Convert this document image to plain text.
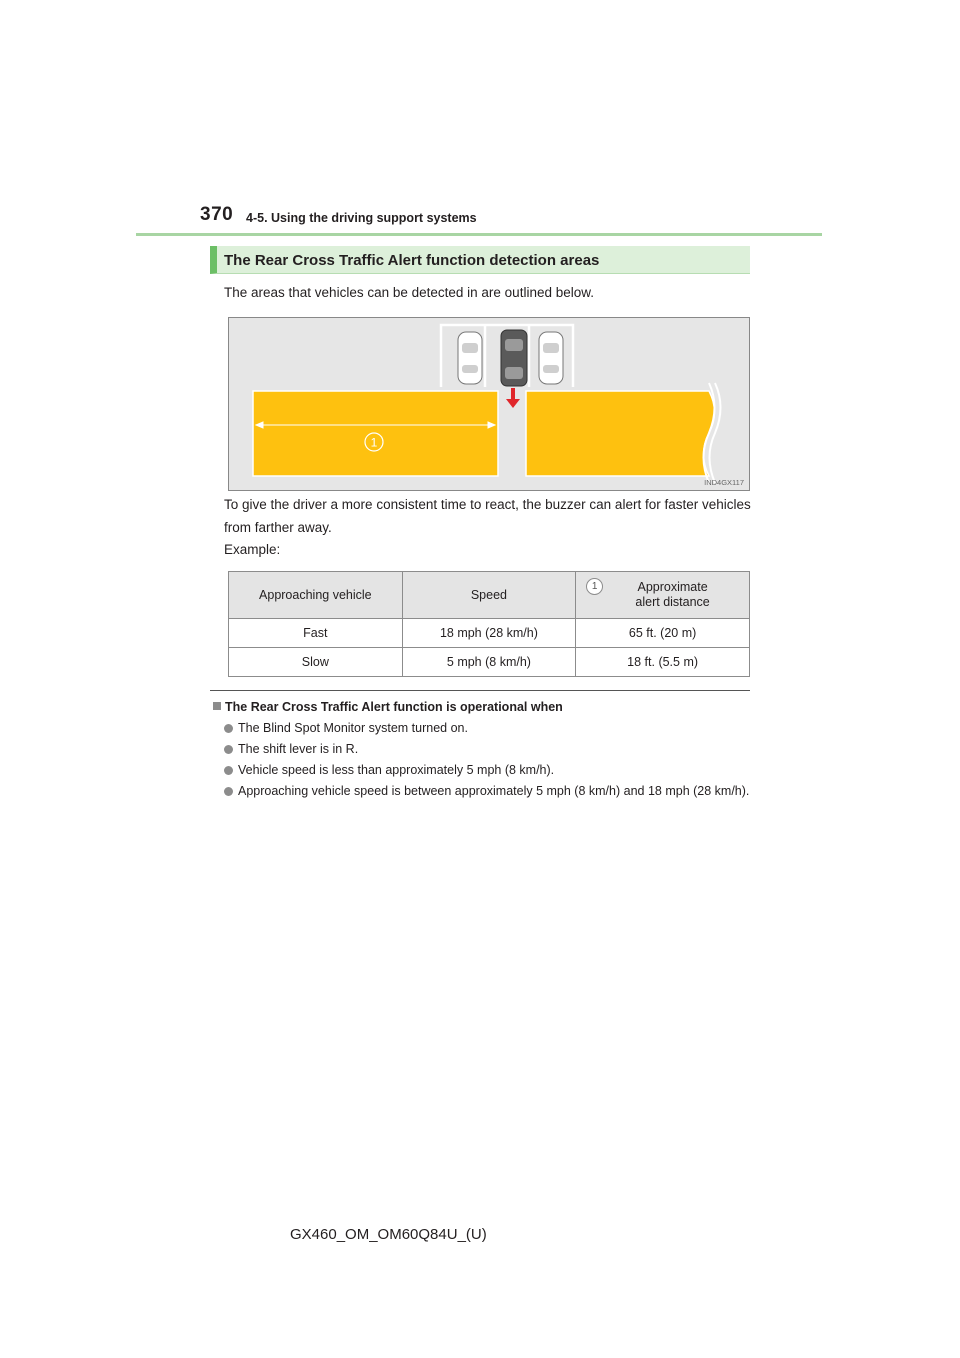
370 4-5. Using the driving support systems
The Rear Cross Traffic Alert function detection areas
The areas that vehicles can be detected in are outlined below.
1
IND4GX117
To give the driver a more consistent time to react, the buzzer can alert for faster vehicles from farther away.
Example:
Approaching vehicle	Speed	1 Approximate alert distance
Fast	18 mph (28 km/h)	65 ft. (20 m)
Slow	5 mph (8 km/h)	18 ft. (5.5 m)
The Rear Cross Traffic Alert function is operational when
The Blind Spot Monitor system turned on.
The shift lever is in R.
Vehicle speed is less than approximately 5 mph (8 km/h).
Approaching vehicle speed is between approximately 5 mph (8 km/h) and 18 mph (28 km/h).
GX460_OM_OM60Q84U_(U)
